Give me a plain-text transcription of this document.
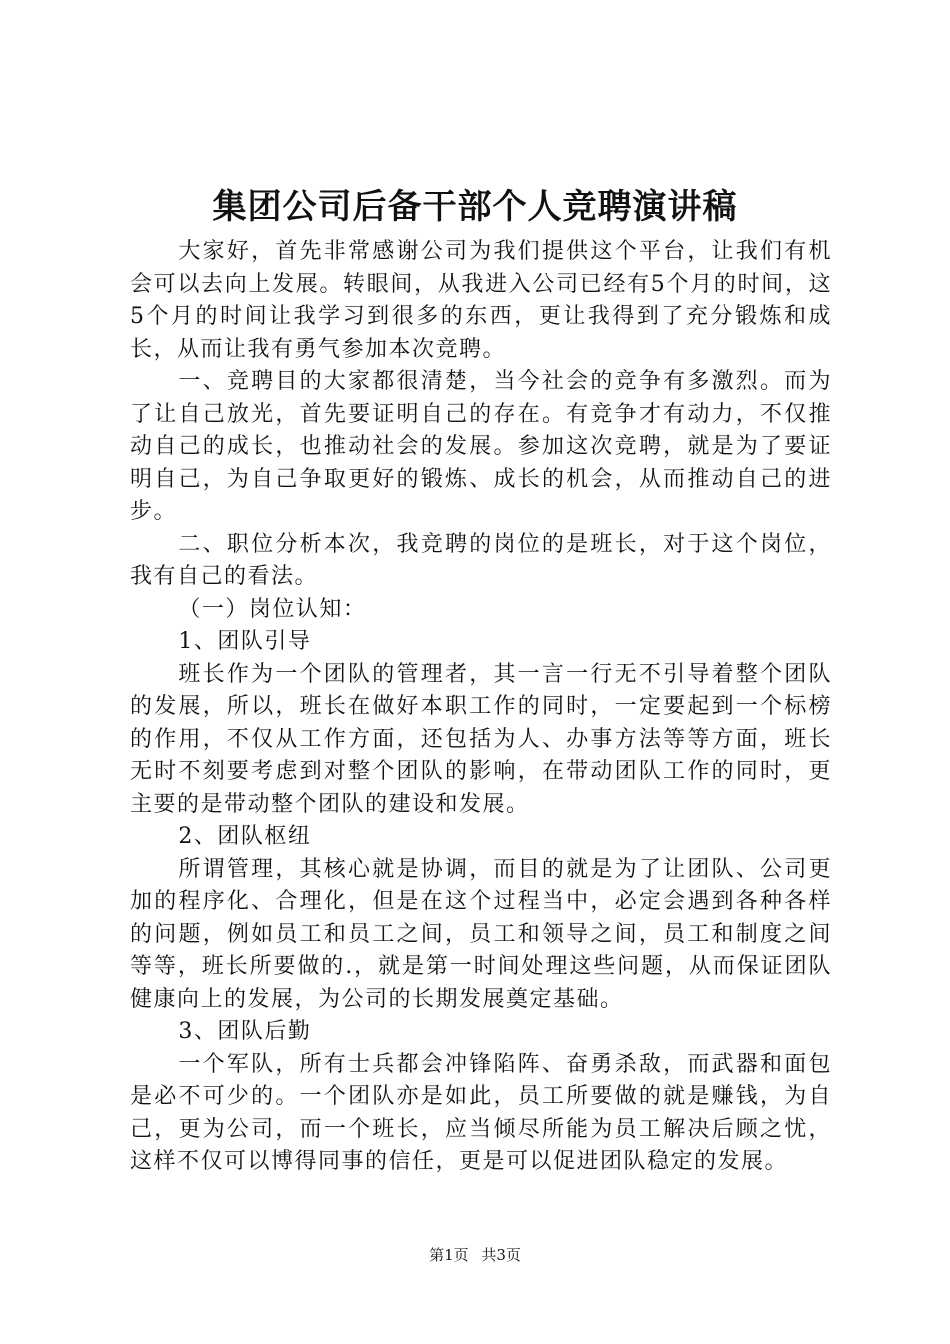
集团公司后备干部个人竞聘演讲稿

大家好，首先非常感谢公司为我们提供这个平台，让我们有机会可以去向上发展。转眼间，从我进入公司已经有5个月的时间，这5个月的时间让我学习到很多的东西，更让我得到了充分锻炼和成长，从而让我有勇气参加本次竞聘。

一、竞聘目的大家都很清楚，当今社会的竞争有多激烈。而为了让自己放光，首先要证明自己的存在。有竞争才有动力，不仅推动自己的成长，也推动社会的发展。参加这次竞聘，就是为了要证明自己，为自己争取更好的锻炼、成长的机会，从而推动自己的进步。

二、职位分析本次，我竞聘的岗位的是班长，对于这个岗位，我有自己的看法。

（一）岗位认知：

1、团队引导

班长作为一个团队的管理者，其一言一行无不引导着整个团队的发展，所以，班长在做好本职工作的同时，一定要起到一个标榜的作用，不仅从工作方面，还包括为人、办事方法等等方面，班长无时不刻要考虑到对整个团队的影响，在带动团队工作的同时，更主要的是带动整个团队的建设和发展。

2、团队枢纽

所谓管理，其核心就是协调，而目的就是为了让团队、公司更加的程序化、合理化，但是在这个过程当中，必定会遇到各种各样的问题，例如员工和员工之间，员工和领导之间，员工和制度之间等等，班长所要做的.，就是第一时间处理这些问题，从而保证团队健康向上的发展，为公司的长期发展奠定基础。

3、团队后勤

一个军队，所有士兵都会冲锋陷阵、奋勇杀敌，而武器和面包是必不可少的。一个团队亦是如此，员工所要做的就是赚钱，为自己，更为公司，而一个班长，应当倾尽所能为员工解决后顾之忧，这样不仅可以博得同事的信任，更是可以促进团队稳定的发展。

第1页 共3页
